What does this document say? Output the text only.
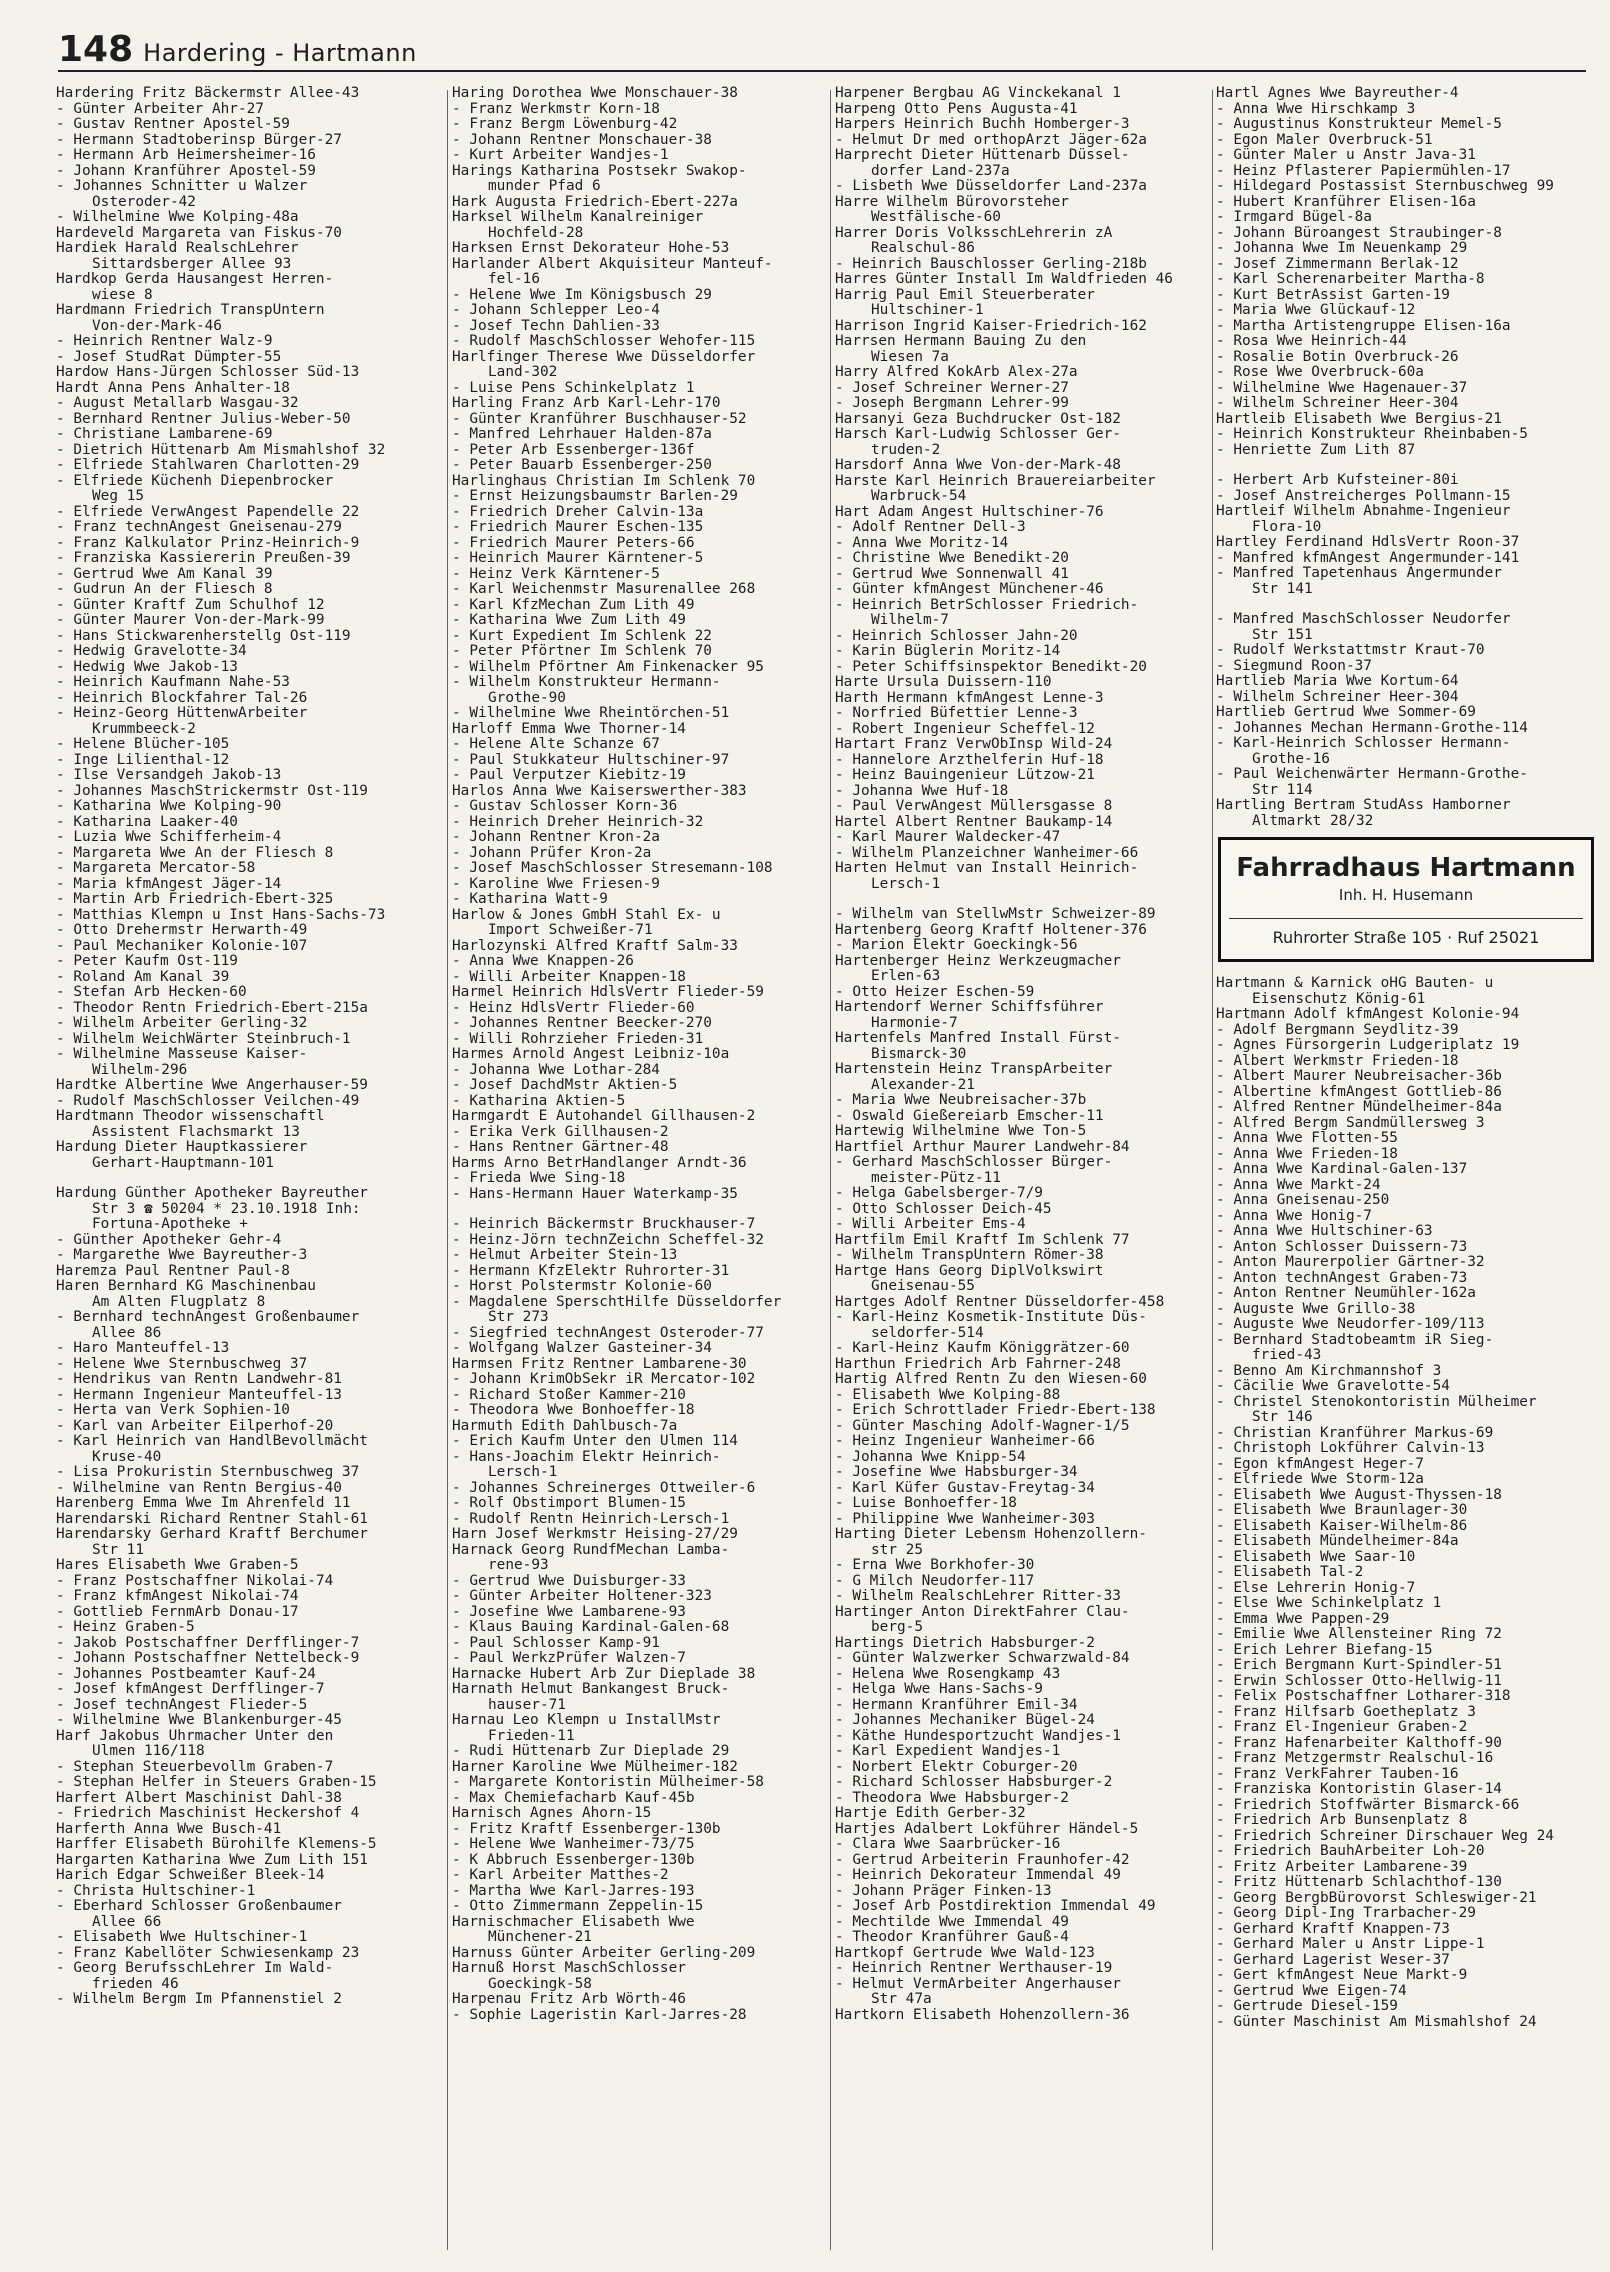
148 Hardering - Hartmann
Hardering Fritz Bäckermstr Allee-43
- Günter Arbeiter Ahr-27
- Gustav Rentner Apostel-59
- Hermann Stadtoberinsp Bürger-27
- Hermann Arb Heimersheimer-16
- Johann Kranführer Apostel-59
- Johannes Schnitter u Walzer
Osteroder-42
- Wilhelmine Wwe Kolping-48a
Hardeveld Margareta van Fiskus-70
Hardiek Harald RealschLehrer
Sittardsberger Allee 93
Hardkop Gerda Hausangest Herren-
wiese 8
Hardmann Friedrich TranspUntern
Von-der-Mark-46
- Heinrich Rentner Walz-9
- Josef StudRat Dümpter-55
Hardow Hans-Jürgen Schlosser Süd-13
Hardt Anna Pens Anhalter-18
- August Metallarb Wasgau-32
- Bernhard Rentner Julius-Weber-50
- Christiane Lambarene-69
- Dietrich Hüttenarb Am Mismahlshof 32
- Elfriede Stahlwaren Charlotten-29
- Elfriede Küchenh Diepenbrocker
Weg 15
- Elfriede VerwAngest Papendelle 22
- Franz technAngest Gneisenau-279
- Franz Kalkulator Prinz-Heinrich-9
- Franziska Kassiererin Preußen-39
- Gertrud Wwe Am Kanal 39
- Gudrun An der Fliesch 8
- Günter Kraftf Zum Schulhof 12
- Günter Maurer Von-der-Mark-99
- Hans Stickwarenherstellg Ost-119
- Hedwig Gravelotte-34
- Hedwig Wwe Jakob-13
- Heinrich Kaufmann Nahe-53
- Heinrich Blockfahrer Tal-26
- Heinz-Georg HüttenwArbeiter
Krummbeeck-2
- Helene Blücher-105
- Inge Lilienthal-12
- Ilse Versandgeh Jakob-13
- Johannes MaschStrickermstr Ost-119
- Katharina Wwe Kolping-90
- Katharina Laaker-40
- Luzia Wwe Schifferheim-4
- Margareta Wwe An der Fliesch 8
- Margareta Mercator-58
- Maria kfmAngest Jäger-14
- Martin Arb Friedrich-Ebert-325
- Matthias Klempn u Inst Hans-Sachs-73
- Otto Drehermstr Herwarth-49
- Paul Mechaniker Kolonie-107
- Peter Kaufm Ost-119
- Roland Am Kanal 39
- Stefan Arb Hecken-60
- Theodor Rentn Friedrich-Ebert-215a
- Wilhelm Arbeiter Gerling-32
- Wilhelm WeichWärter Steinbruch-1
- Wilhelmine Masseuse Kaiser-
Wilhelm-296
Hardtke Albertine Wwe Angerhauser-59
- Rudolf MaschSchlosser Veilchen-49
Hardtmann Theodor wissenschaftl
Assistent Flachsmarkt 13
Hardung Dieter Hauptkassierer
Gerhart-Hauptmann-101
Hardung Günther Apotheker Bayreuther
Str 3 ☎ 50204 * 23.10.1918 Inh:
Fortuna-Apotheke +
- Günther Apotheker Gehr-4
- Margarethe Wwe Bayreuther-3
Haremza Paul Rentner Paul-8
Haren Bernhard KG Maschinenbau
Am Alten Flugplatz 8
- Bernhard technAngest Großenbaumer
Allee 86
- Haro Manteuffel-13
- Helene Wwe Sternbuschweg 37
- Hendrikus van Rentn Landwehr-81
- Hermann Ingenieur Manteuffel-13
- Herta van Verk Sophien-10
- Karl van Arbeiter Eilperhof-20
- Karl Heinrich van HandlBevollmächt
Kruse-40
- Lisa Prokuristin Sternbuschweg 37
- Wilhelmine van Rentn Bergius-40
Harenberg Emma Wwe Im Ahrenfeld 11
Harendarski Richard Rentner Stahl-61
Harendarsky Gerhard Kraftf Berchumer
Str 11
Hares Elisabeth Wwe Graben-5
- Franz Postschaffner Nikolai-74
- Franz kfmAngest Nikolai-74
- Gottlieb FernmArb Donau-17
- Heinz Graben-5
- Jakob Postschaffner Derfflinger-7
- Johann Postschaffner Nettelbeck-9
- Johannes Postbeamter Kauf-24
- Josef kfmAngest Derfflinger-7
- Josef technAngest Flieder-5
- Wilhelmine Wwe Blankenburger-45
Harf Jakobus Uhrmacher Unter den
Ulmen 116/118
- Stephan Steuerbevollm Graben-7
- Stephan Helfer in Steuers Graben-15
Harfert Albert Maschinist Dahl-38
- Friedrich Maschinist Heckershof 4
Harferth Anna Wwe Busch-41
Harffer Elisabeth Bürohilfe Klemens-5
Hargarten Katharina Wwe Zum Lith 151
Harich Edgar Schweißer Bleek-14
- Christa Hultschiner-1
- Eberhard Schlosser Großenbaumer
Allee 66
- Elisabeth Wwe Hultschiner-1
- Franz Kabellöter Schwiesenkamp 23
- Georg BerufsschLehrer Im Wald-
frieden 46
- Wilhelm Bergm Im Pfannenstiel 2
Haring Dorothea Wwe Monschauer-38
- Franz Werkmstr Korn-18
- Franz Bergm Löwenburg-42
- Johann Rentner Monschauer-38
- Kurt Arbeiter Wandjes-1
Harings Katharina Postsekr Swakop-
munder Pfad 6
Hark Augusta Friedrich-Ebert-227a
Harksel Wilhelm Kanalreiniger
Hochfeld-28
Harksen Ernst Dekorateur Hohe-53
Harlander Albert Akquisiteur Manteuf-
fel-16
- Helene Wwe Im Königsbusch 29
- Johann Schlepper Leo-4
- Josef Techn Dahlien-33
- Rudolf MaschSchlosser Wehofer-115
Harlfinger Therese Wwe Düsseldorfer
Land-302
- Luise Pens Schinkelplatz 1
Harling Franz Arb Karl-Lehr-170
- Günter Kranführer Buschhauser-52
- Manfred Lehrhauer Halden-87a
- Peter Arb Essenberger-136f
- Peter Bauarb Essenberger-250
Harlinghaus Christian Im Schlenk 70
- Ernst Heizungsbaumstr Barlen-29
- Friedrich Dreher Calvin-13a
- Friedrich Maurer Eschen-135
- Friedrich Maurer Peters-66
- Heinrich Maurer Kärntener-5
- Heinz Verk Kärntener-5
- Karl Weichenmstr Masurenallee 268
- Karl KfzMechan Zum Lith 49
- Katharina Wwe Zum Lith 49
- Kurt Expedient Im Schlenk 22
- Peter Pförtner Im Schlenk 70
- Wilhelm Pförtner Am Finkenacker 95
- Wilhelm Konstrukteur Hermann-
Grothe-90
- Wilhelmine Wwe Rheintörchen-51
Harloff Emma Wwe Thorner-14
- Helene Alte Schanze 67
- Paul Stukkateur Hultschiner-97
- Paul Verputzer Kiebitz-19
Harlos Anna Wwe Kaiserswerther-383
- Gustav Schlosser Korn-36
- Heinrich Dreher Heinrich-32
- Johann Rentner Kron-2a
- Johann Prüfer Kron-2a
- Josef MaschSchlosser Stresemann-108
- Karoline Wwe Friesen-9
- Katharina Watt-9
Harlow & Jones GmbH Stahl Ex- u
Import Schweißer-71
Harlozynski Alfred Kraftf Salm-33
- Anna Wwe Knappen-26
- Willi Arbeiter Knappen-18
Harmel Heinrich HdlsVertr Flieder-59
- Heinz HdlsVertr Flieder-60
- Johannes Rentner Beecker-270
- Willi Rohrzieher Frieden-31
Harmes Arnold Angest Leibniz-10a
- Johanna Wwe Lothar-284
- Josef DachdMstr Aktien-5
- Katharina Aktien-5
Harmgardt E Autohandel Gillhausen-2
- Erika Verk Gillhausen-2
- Hans Rentner Gärtner-48
Harms Arno BetrHandlanger Arndt-36
- Frieda Wwe Sing-18
- Hans-Hermann Hauer Waterkamp-35
- Heinrich Bäckermstr Bruckhauser-7
- Heinz-Jörn technZeichn Scheffel-32
- Helmut Arbeiter Stein-13
- Hermann KfzElektr Ruhrorter-31
- Horst Polstermstr Kolonie-60
- Magdalene SperschtHilfe Düsseldorfer
Str 273
- Siegfried technAngest Osteroder-77
- Wolfgang Walzer Gasteiner-34
Harmsen Fritz Rentner Lambarene-30
- Johann KrimObSekr iR Mercator-102
- Richard Stoßer Kammer-210
- Theodora Wwe Bonhoeffer-18
Harmuth Edith Dahlbusch-7a
- Erich Kaufm Unter den Ulmen 114
- Hans-Joachim Elektr Heinrich-
Lersch-1
- Johannes Schreinerges Ottweiler-6
- Rolf Obstimport Blumen-15
- Rudolf Rentn Heinrich-Lersch-1
Harn Josef Werkmstr Heising-27/29
Harnack Georg RundfMechan Lamba-
rene-93
- Gertrud Wwe Duisburger-33
- Günter Arbeiter Holtener-323
- Josefine Wwe Lambarene-93
- Klaus Bauing Kardinal-Galen-68
- Paul Schlosser Kamp-91
- Paul WerkzPrüfer Walzen-7
Harnacke Hubert Arb Zur Dieplade 38
Harnath Helmut Bankangest Bruck-
hauser-71
Harnau Leo Klempn u InstallMstr
Frieden-11
- Rudi Hüttenarb Zur Dieplade 29
Harner Karoline Wwe Mülheimer-182
- Margarete Kontoristin Mülheimer-58
- Max Chemiefacharb Kauf-45b
Harnisch Agnes Ahorn-15
- Fritz Kraftf Essenberger-130b
- Helene Wwe Wanheimer-73/75
- K Abbruch Essenberger-130b
- Karl Arbeiter Matthes-2
- Martha Wwe Karl-Jarres-193
- Otto Zimmermann Zeppelin-15
Harnischmacher Elisabeth Wwe
Münchener-21
Harnuss Günter Arbeiter Gerling-209
Harnuß Horst MaschSchlosser
Goeckingk-58
Harpenau Fritz Arb Wörth-46
- Sophie Lageristin Karl-Jarres-28
Harpener Bergbau AG Vinckekanal 1
Harpeng Otto Pens Augusta-41
Harpers Heinrich Buchh Homberger-3
- Helmut Dr med orthopArzt Jäger-62a
Harprecht Dieter Hüttenarb Düssel-
dorfer Land-237a
- Lisbeth Wwe Düsseldorfer Land-237a
Harre Wilhelm Bürovorsteher
Westfälische-60
Harrer Doris VolksschLehrerin zA
Realschul-86
- Heinrich Bauschlosser Gerling-218b
Harres Günter Install Im Waldfrieden 46
Harrig Paul Emil Steuerberater
Hultschiner-1
Harrison Ingrid Kaiser-Friedrich-162
Harrsen Hermann Bauing Zu den
Wiesen 7a
Harry Alfred KokArb Alex-27a
- Josef Schreiner Werner-27
- Joseph Bergmann Lehrer-99
Harsanyi Geza Buchdrucker Ost-182
Harsch Karl-Ludwig Schlosser Ger-
truden-2
Harsdorf Anna Wwe Von-der-Mark-48
Harste Karl Heinrich Brauereiarbeiter
Warbruck-54
Hart Adam Angest Hultschiner-76
- Adolf Rentner Dell-3
- Anna Wwe Moritz-14
- Christine Wwe Benedikt-20
- Gertrud Wwe Sonnenwall 41
- Günter kfmAngest Münchener-46
- Heinrich BetrSchlosser Friedrich-
Wilhelm-7
- Heinrich Schlosser Jahn-20
- Karin Büglerin Moritz-14
- Peter Schiffsinspektor Benedikt-20
Harte Ursula Duissern-110
Harth Hermann kfmAngest Lenne-3
- Norfried Büfettier Lenne-3
- Robert Ingenieur Scheffel-12
Hartart Franz VerwObInsp Wild-24
- Hannelore Arzthelferin Huf-18
- Heinz Bauingenieur Lützow-21
- Johanna Wwe Huf-18
- Paul VerwAngest Müllersgasse 8
Hartel Albert Rentner Baukamp-14
- Karl Maurer Waldecker-47
- Wilhelm Planzeichner Wanheimer-66
Harten Helmut van Install Heinrich-
Lersch-1
- Wilhelm van StellwMstr Schweizer-89
Hartenberg Georg Kraftf Holtener-376
- Marion Elektr Goeckingk-56
Hartenberger Heinz Werkzeugmacher
Erlen-63
- Otto Heizer Eschen-59
Hartendorf Werner Schiffsführer
Harmonie-7
Hartenfels Manfred Install Fürst-
Bismarck-30
Hartenstein Heinz TranspArbeiter
Alexander-21
- Maria Wwe Neubreisacher-37b
- Oswald Gießereiarb Emscher-11
Hartewig Wilhelmine Wwe Ton-5
Hartfiel Arthur Maurer Landwehr-84
- Gerhard MaschSchlosser Bürger-
meister-Pütz-11
- Helga Gabelsberger-7/9
- Otto Schlosser Deich-45
- Willi Arbeiter Ems-4
Hartfilm Emil Kraftf Im Schlenk 77
- Wilhelm TranspUntern Römer-38
Hartge Hans Georg DiplVolkswirt
Gneisenau-55
Hartges Adolf Rentner Düsseldorfer-458
- Karl-Heinz Kosmetik-Institute Düs-
seldorfer-514
- Karl-Heinz Kaufm Königgrätzer-60
Harthun Friedrich Arb Fahrner-248
Hartig Alfred Rentn Zu den Wiesen-60
- Elisabeth Wwe Kolping-88
- Erich Schrottlader Friedr-Ebert-138
- Günter Masching Adolf-Wagner-1/5
- Heinz Ingenieur Wanheimer-66
- Johanna Wwe Knipp-54
- Josefine Wwe Habsburger-34
- Karl Küfer Gustav-Freytag-34
- Luise Bonhoeffer-18
- Philippine Wwe Wanheimer-303
Harting Dieter Lebensm Hohenzollern-
str 25
- Erna Wwe Borkhofer-30
- G Milch Neudorfer-117
- Wilhelm RealschLehrer Ritter-33
Hartinger Anton DirektFahrer Clau-
berg-5
Hartings Dietrich Habsburger-2
- Günter Walzwerker Schwarzwald-84
- Helena Wwe Rosengkamp 43
- Helga Wwe Hans-Sachs-9
- Hermann Kranführer Emil-34
- Johannes Mechaniker Bügel-24
- Käthe Hundesportzucht Wandjes-1
- Karl Expedient Wandjes-1
- Norbert Elektr Coburger-20
- Richard Schlosser Habsburger-2
- Theodora Wwe Habsburger-2
Hartje Edith Gerber-32
Hartjes Adalbert Lokführer Händel-5
- Clara Wwe Saarbrücker-16
- Gertrud Arbeiterin Fraunhofer-42
- Heinrich Dekorateur Immendal 49
- Johann Präger Finken-13
- Josef Arb Postdirektion Immendal 49
- Mechtilde Wwe Immendal 49
- Theodor Kranführer Gauß-4
Hartkopf Gertrude Wwe Wald-123
- Heinrich Rentner Werthauser-19
- Helmut VermArbeiter Angerhauser
Str 47a
Hartkorn Elisabeth Hohenzollern-36
Hartl Agnes Wwe Bayreuther-4
- Anna Wwe Hirschkamp 3
- Augustinus Konstrukteur Memel-5
- Egon Maler Overbruck-51
- Günter Maler u Anstr Java-31
- Heinz Pflasterer Papiermühlen-17
- Hildegard Postassist Sternbuschweg 99
- Hubert Kranführer Elisen-16a
- Irmgard Bügel-8a
- Johann Büroangest Straubinger-8
- Johanna Wwe Im Neuenkamp 29
- Josef Zimmermann Berlak-12
- Karl Scherenarbeiter Martha-8
- Kurt BetrAssist Garten-19
- Maria Wwe Glückauf-12
- Martha Artistengruppe Elisen-16a
- Rosa Wwe Heinrich-44
- Rosalie Botin Overbruck-26
- Rose Wwe Overbruck-60a
- Wilhelmine Wwe Hagenauer-37
- Wilhelm Schreiner Heer-304
Hartleib Elisabeth Wwe Bergius-21
- Heinrich Konstrukteur Rheinbaben-5
- Henriette Zum Lith 87
- Herbert Arb Kufsteiner-80i
- Josef Anstreicherges Pollmann-15
Hartleif Wilhelm Abnahme-Ingenieur
Flora-10
Hartley Ferdinand HdlsVertr Roon-37
- Manfred kfmAngest Angermunder-141
- Manfred Tapetenhaus Angermunder
Str 141
- Manfred MaschSchlosser Neudorfer
Str 151
- Rudolf Werkstattmstr Kraut-70
- Siegmund Roon-37
Hartlieb Maria Wwe Kortum-64
- Wilhelm Schreiner Heer-304
Hartlieb Gertrud Wwe Sommer-69
- Johannes Mechan Hermann-Grothe-114
- Karl-Heinrich Schlosser Hermann-
Grothe-16
- Paul Weichenwärter Hermann-Grothe-
Str 114
Hartling Bertram StudAss Hamborner
Altmarkt 28/32
Fahrradhaus Hartmann
Inh. H. Husemann
Ruhrorter Straße 105 · Ruf 25021
Hartmann & Karnick oHG Bauten- u
Eisenschutz König-61
Hartmann Adolf kfmAngest Kolonie-94
- Adolf Bergmann Seydlitz-39
- Agnes Fürsorgerin Ludgeriplatz 19
- Albert Werkmstr Frieden-18
- Albert Maurer Neubreisacher-36b
- Albertine kfmAngest Gottlieb-86
- Alfred Rentner Mündelheimer-84a
- Alfred Bergm Sandmüllersweg 3
- Anna Wwe Flotten-55
- Anna Wwe Frieden-18
- Anna Wwe Kardinal-Galen-137
- Anna Wwe Markt-24
- Anna Gneisenau-250
- Anna Wwe Honig-7
- Anna Wwe Hultschiner-63
- Anton Schlosser Duissern-73
- Anton Maurerpolier Gärtner-32
- Anton technAngest Graben-73
- Anton Rentner Neumühler-162a
- Auguste Wwe Grillo-38
- Auguste Wwe Neudorfer-109/113
- Bernhard Stadtobeamtm iR Sieg-
fried-43
- Benno Am Kirchmannshof 3
- Cäcilie Wwe Gravelotte-54
- Christel Stenokontoristin Mülheimer
Str 146
- Christian Kranführer Markus-69
- Christoph Lokführer Calvin-13
- Egon kfmAngest Heger-7
- Elfriede Wwe Storm-12a
- Elisabeth Wwe August-Thyssen-18
- Elisabeth Wwe Braunlager-30
- Elisabeth Kaiser-Wilhelm-86
- Elisabeth Mündelheimer-84a
- Elisabeth Wwe Saar-10
- Elisabeth Tal-2
- Else Lehrerin Honig-7
- Else Wwe Schinkelplatz 1
- Emma Wwe Pappen-29
- Emilie Wwe Allensteiner Ring 72
- Erich Lehrer Biefang-15
- Erich Bergmann Kurt-Spindler-51
- Erwin Schlosser Otto-Hellwig-11
- Felix Postschaffner Lotharer-318
- Franz Hilfsarb Goetheplatz 3
- Franz El-Ingenieur Graben-2
- Franz Hafenarbeiter Kalthoff-90
- Franz Metzgermstr Realschul-16
- Franz VerkFahrer Tauben-16
- Franziska Kontoristin Glaser-14
- Friedrich Stoffwärter Bismarck-66
- Friedrich Arb Bunsenplatz 8
- Friedrich Schreiner Dirschauer Weg 24
- Friedrich BauhArbeiter Loh-20
- Fritz Arbeiter Lambarene-39
- Fritz Hüttenarb Schlachthof-130
- Georg BergbBürovorst Schleswiger-21
- Georg Dipl-Ing Trarbacher-29
- Gerhard Kraftf Knappen-73
- Gerhard Maler u Anstr Lippe-1
- Gerhard Lagerist Weser-37
- Gert kfmAngest Neue Markt-9
- Gertrud Wwe Eigen-74
- Gertrude Diesel-159
- Günter Maschinist Am Mismahlshof 24
